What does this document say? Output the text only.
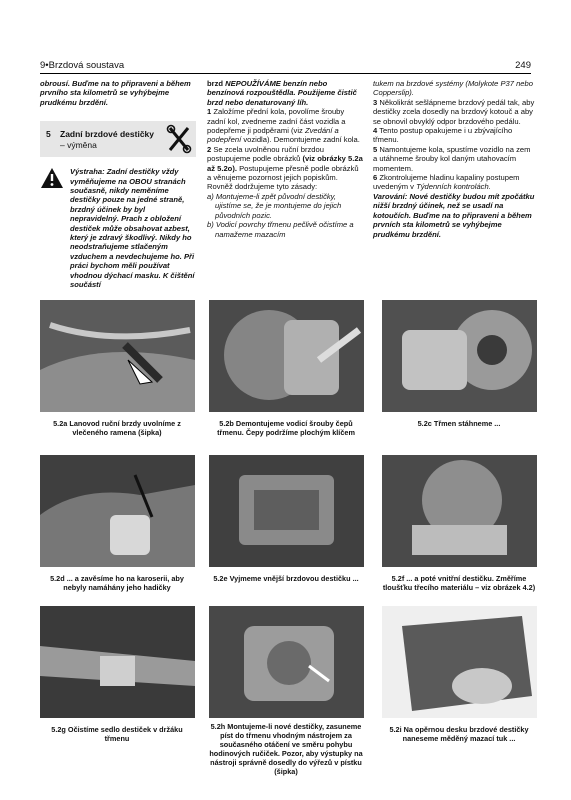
9•Brzdová soustava	249

obrousí. Buďme na to připraveni a během prvního sta kilometrů se vyhýbejme prudkému brzdění.

5 Zadní brzdové destičky
– výměna

Výstraha: Zadní destičky vždy vyměňujeme na OBOU stranách současně, nikdy neměníme destičky pouze na jedné straně, brzdný účinek by byl nepravidelný. Prach z obložení destiček může obsahovat azbest, který je zdravý škodlivý. Nikdy ho neodstraňujeme stlačeným vzduchem a nevdechujeme ho. Při práci bychom měli používat vhodnou dýchací masku. K čištění součástí

brzd NEPOUŽÍVÁME benzín nebo benzínová rozpouštědla. Použijeme čistič brzd nebo denaturovaný líh.

1 Založíme přední kola, povolíme šrouby zadní kol, zvedneme zadní část vozidla a podepřeme ji podpěrami (viz Zvedání a podepření vozidla). Demontujeme zadní kola.

2 Se zcela uvolněnou ruční brzdou postupujeme podle obrázků (viz obrázky 5.2a až 5.2o). Postupujeme přesně podle obrázků a věnujeme pozornost jejich popiskům. Rovněž dodržujeme tyto zásady:

a) Montujeme-li zpět původní destičky, ujistíme se, že je montujeme do jejich původních pozic.

b) Vodicí povrchy třmenu pečlivě očistíme a namažeme mazacím

tukem na brzdové systémy (Molykote P37 nebo Copperslip).

3 Několikrát sešlápneme brzdový pedál tak, aby destičky zcela dosedly na brzdový kotouč a aby se obnovil obvyklý odpor brzdového pedálu.

4 Tento postup opakujeme i u zbývajícího třmenu.

5 Namontujeme kola, spustíme vozidlo na zem a utáhneme šrouby kol daným utahovacím momentem.

6 Zkontrolujeme hladinu kapaliny postupem uvedeným v Týdenních kontrolách.

Varování: Nové destičky budou mít zpočátku nižší brzdný účinek, než se usadí na kotoučích. Buďme na to připraveni a během prvních sta kilometrů se vyhýbejme prudkému brzdění.

5.2a Lanovod ruční brzdy uvolníme z vlečeného ramena (šipka)
5.2b Demontujeme vodicí šrouby čepů třmenu. Čepy podržíme plochým klíčem
5.2c Třmen stáhneme ...
5.2d ... a zavěsíme ho na karoserii, aby nebyly namáhány jeho hadičky
5.2e Vyjmeme vnější brzdovou destičku ...	5.2f ... a poté vnitřní destičku. Změříme tloušťku třecího materiálu – viz obrázek 4.2)
5.2g Očistíme sedlo destiček v držáku třmenu
5.2h Montujeme-li nové destičky, zasuneme píst do třmenu vhodným nástrojem za současného otáčení ve směru pohybu hodinových ručiček. Pozor, aby výstupky na nástroji správně dosedly do výřezů v pístku (šipka)
5.2i Na opěrnou desku brzdové destičky naneseme měděný mazací tuk ...
